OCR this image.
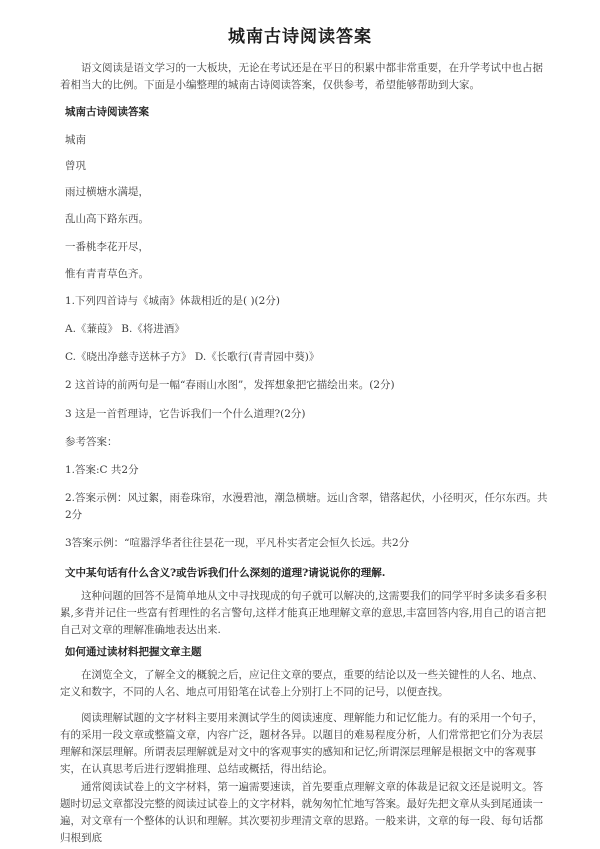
城南古诗阅读答案

语文阅读是语文学习的一大板块，无论在考试还是在平日的积累中都非常重要，在升学考试中也占据着相当大的比例。下面是小编整理的城南古诗阅读答案，仅供参考，希望能够帮助到大家。

城南古诗阅读答案

城南

曾巩

雨过横塘水满堤，

乱山高下路东西。

一番桃李花开尽，

惟有青青草色齐。

1.下列四首诗与《城南》体裁相近的是( )(2分)

A.《蒹葭》 B.《将进酒》

C.《晓出净慈寺送林子方》 D.《长歌行(青青园中葵)》

2 这首诗的前两句是一幅“春雨山水图”，发挥想象把它描绘出来。(2分)

3 这是一首哲理诗，它告诉我们一个什么道理?(2分)

参考答案：

1.答案:C 共2分

2.答案示例：风过絮，雨卷珠帘，水漫碧池，潮急横塘。远山含翠，错落起伏，小径明灭，任尔东西。共2分

3答案示例：“喧嚣浮华者往往昙花一现，平凡朴实者定会恒久长远。共2分

文中某句话有什么含义?或告诉我们什么深刻的道理?请说说你的理解.

这种问题的回答不是简单地从文中寻找现成的句子就可以解决的,这需要我们的同学平时多读多看多积累,多背并记住一些富有哲理性的名言警句,这样才能真正地理解文章的意思,丰富回答内容,用自己的语言把自己对文章的理解准确地表达出来.

如何通过读材料把握文章主题

在浏览全文，了解全文的概貌之后，应记住文章的要点，重要的结论以及一些关键性的人名、地点、定义和数字，不同的人名、地点可用铅笔在试卷上分别打上不同的记号，以便查找。

阅读理解试题的文字材料主要用来测试学生的阅读速度、理解能力和记忆能力。有的采用一个句子，有的采用一段文章或整篇文章，内容广泛，题材各异。以题目的难易程度分析，人们常常把它们分为表层理解和深层理解。所谓表层理解就是对文中的客观事实的感知和记忆;所谓深层理解是根据文中的客观事实，在认真思考后进行逻辑推理、总结或概括，得出结论。

通常阅读试卷上的文字材料，第一遍需要速读，首先要重点理解文章的体裁是记叙文还是说明文。答题时切忌文章都没完整的阅读过试卷上的文字材料，就匆匆忙忙地写答案。最好先把文章从头到尾通读一遍，对文章有一个整体的认识和理解。其次要初步理清文章的思路。一般来讲，文章的每一段、每句话都归根到底
